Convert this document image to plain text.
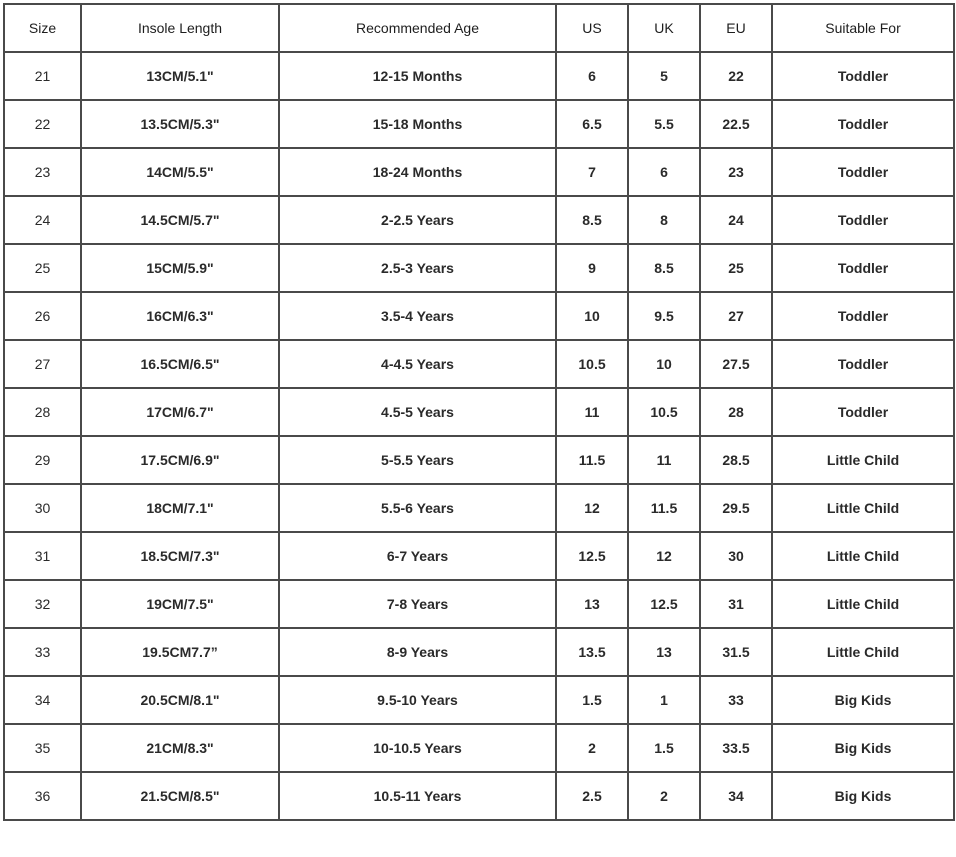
Size	Insole Length	Recommended Age	US	UK	EU	Suitable For
21	13CM/5.1"	12-15 Months	6	5	22	Toddler
22	13.5CM/5.3"	15-18 Months	6.5	5.5	22.5	Toddler
23	14CM/5.5"	18-24 Months	7	6	23	Toddler
24	14.5CM/5.7"	2-2.5 Years	8.5	8	24	Toddler
25	15CM/5.9"	2.5-3 Years	9	8.5	25	Toddler
26	16CM/6.3"	3.5-4 Years	10	9.5	27	Toddler
27	16.5CM/6.5"	4-4.5 Years	10.5	10	27.5	Toddler
28	17CM/6.7"	4.5-5 Years	11	10.5	28	Toddler
29	17.5CM/6.9"	5-5.5 Years	11.5	11	28.5	Little Child
30	18CM/7.1"	5.5-6 Years	12	11.5	29.5	Little Child
31	18.5CM/7.3"	6-7 Years	12.5	12	30	Little Child
32	19CM/7.5"	7-8 Years	13	12.5	31	Little Child
33	19.5CM7.7”	8-9 Years	13.5	13	31.5	Little Child
34	20.5CM/8.1"	9.5-10 Years	1.5	1	33	Big Kids
35	21CM/8.3"	10-10.5 Years	2	1.5	33.5	Big Kids
36	21.5CM/8.5"	10.5-11 Years	2.5	2	34	Big Kids
